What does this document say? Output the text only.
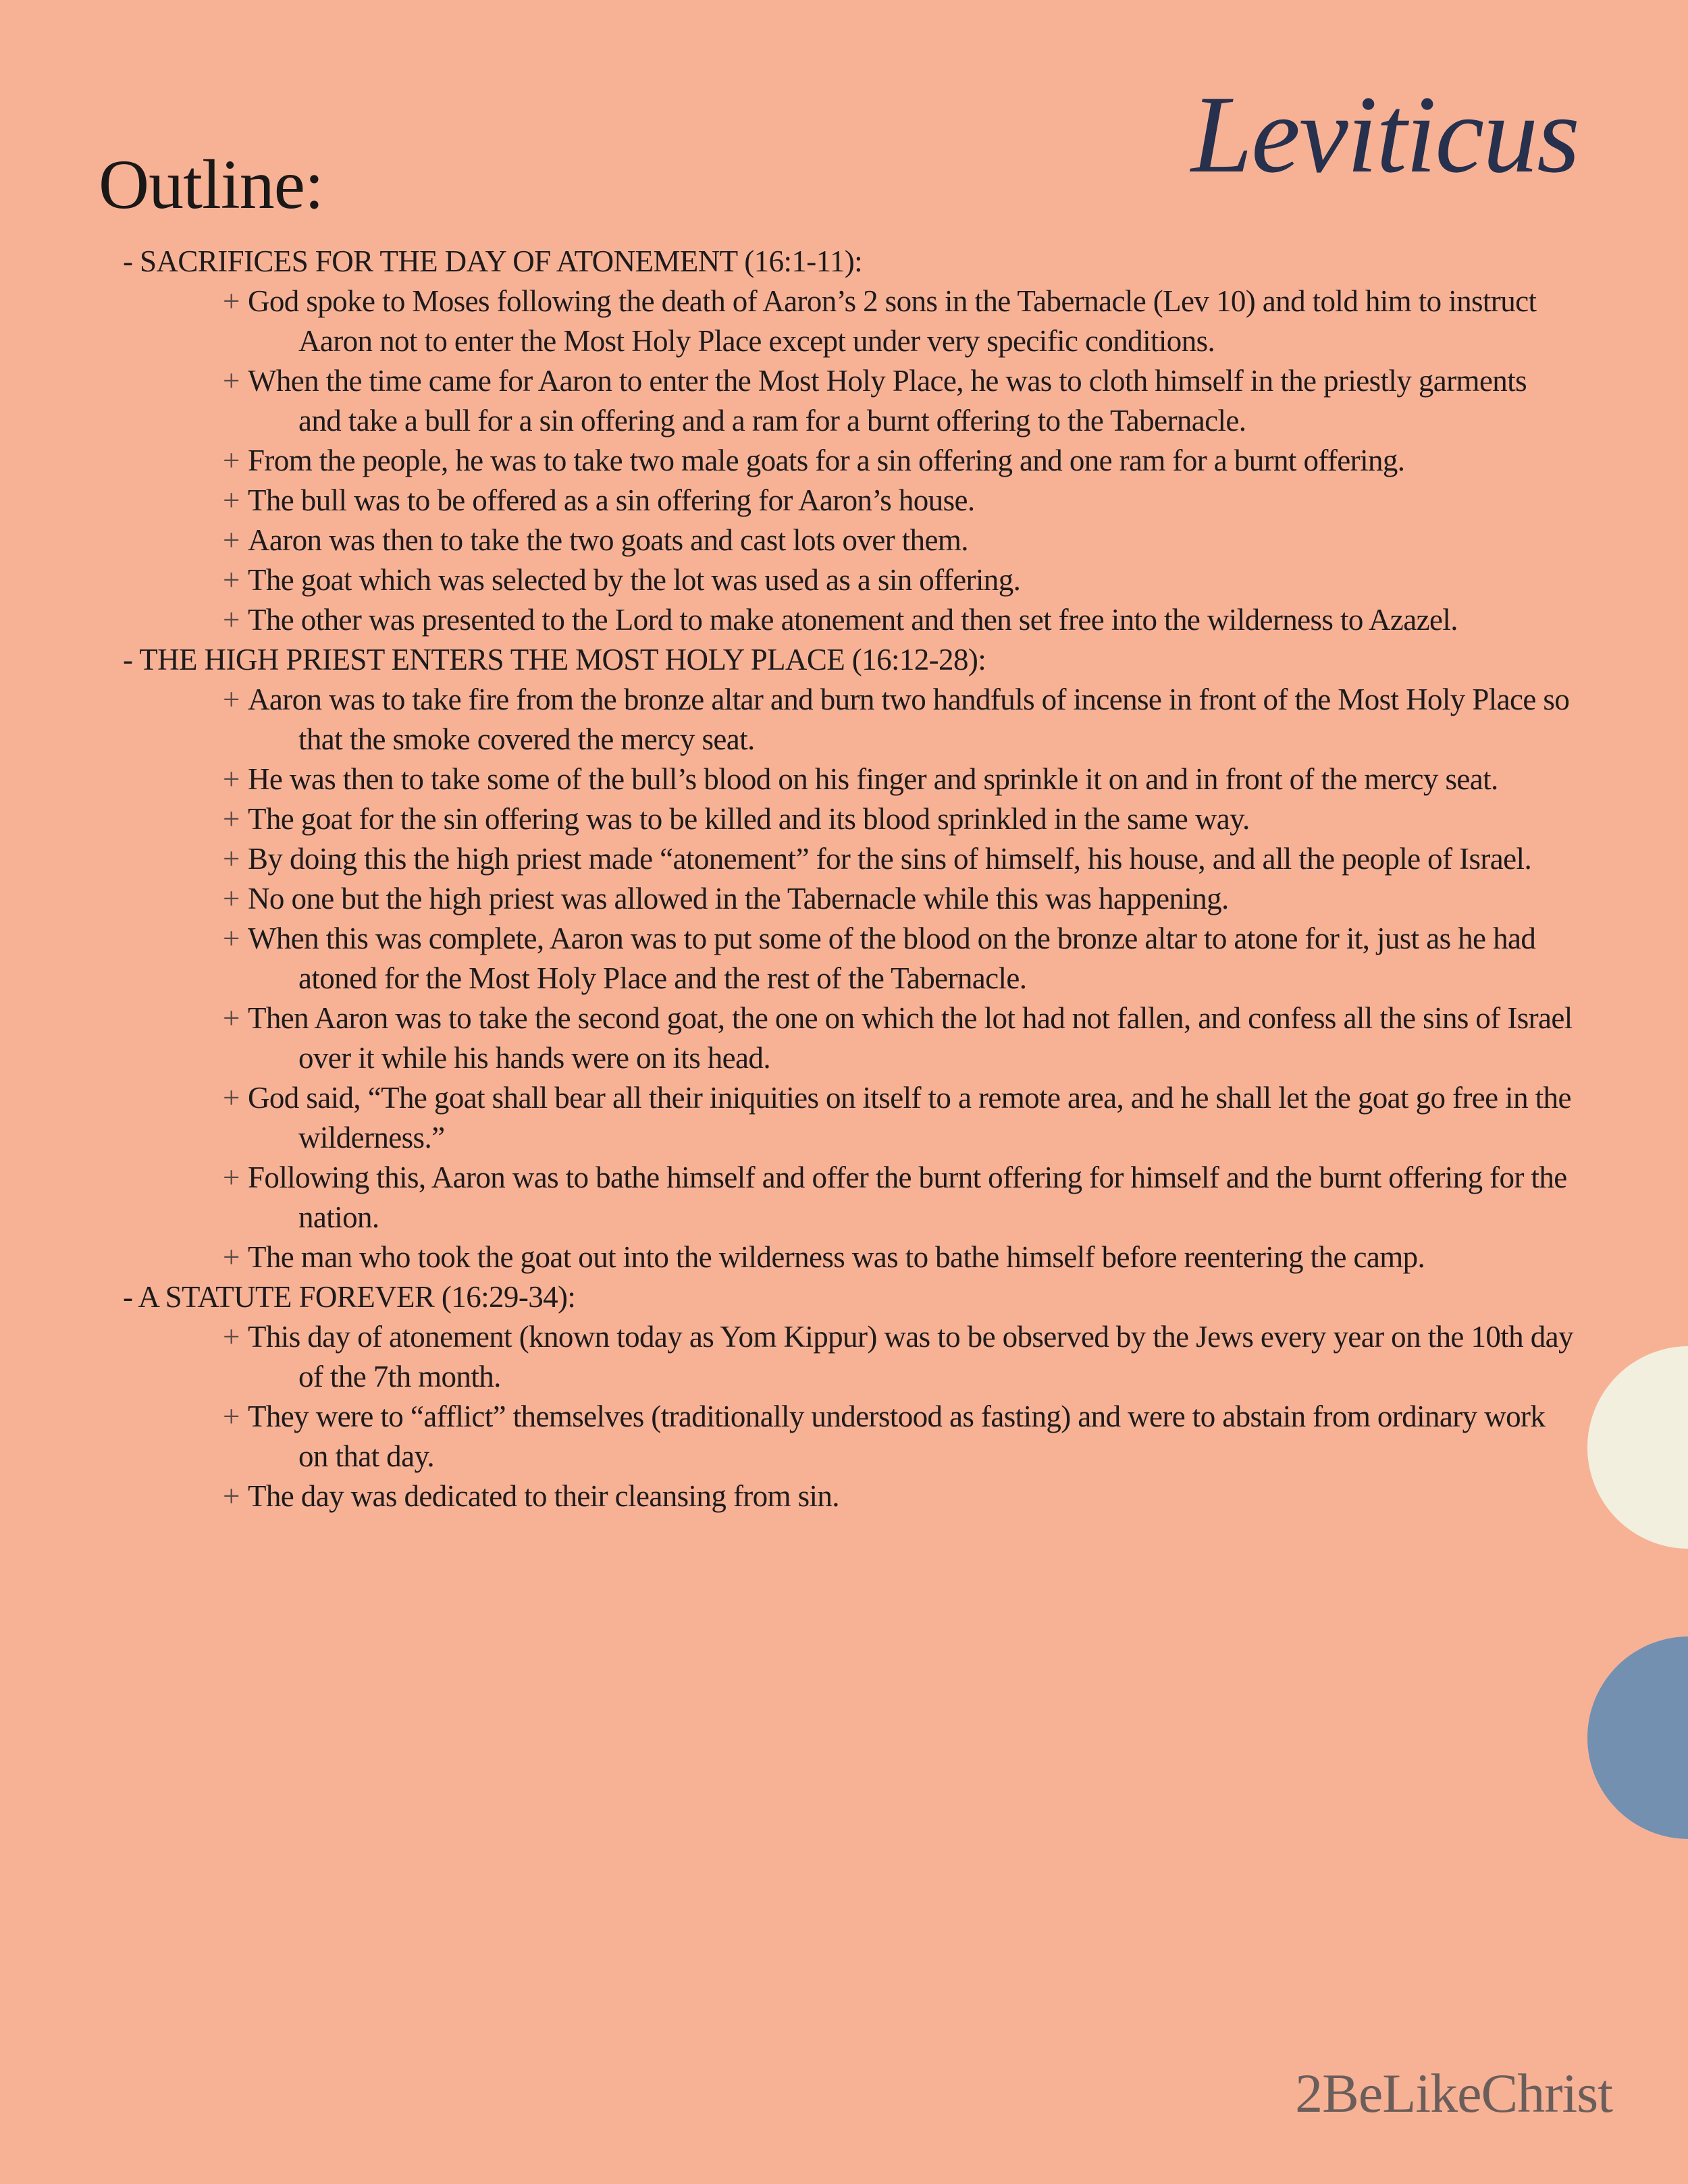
Leviticus
Outline:

- SACRIFICES FOR THE DAY OF ATONEMENT (16:1-11):

+ God spoke to Moses following the death of Aaron’s 2 sons in the Tabernacle (Lev 10) and told him to instruct Aaron not to enter the Most Holy Place except under very specific conditions.
+ When the time came for Aaron to enter the Most Holy Place, he was to cloth himself in the priestly garments and take a bull for a sin offering and a ram for a burnt offering to the Tabernacle.
+ From the people, he was to take two male goats for a sin offering and one ram for a burnt offering.
+ The bull was to be offered as a sin offering for Aaron’s house.
+ Aaron was then to take the two goats and cast lots over them.
+ The goat which was selected by the lot was used as a sin offering.
+ The other was presented to the Lord to make atonement and then set free into the wilderness to Azazel.

- THE HIGH PRIEST ENTERS THE MOST HOLY PLACE (16:12-28):

+ Aaron was to take fire from the bronze altar and burn two handfuls of incense in front of the Most Holy Place so that the smoke covered the mercy seat.
+ He was then to take some of the bull’s blood on his finger and sprinkle it on and in front of the mercy seat.
+ The goat for the sin offering was to be killed and its blood sprinkled in the same way.
+ By doing this the high priest made “atonement” for the sins of himself, his house, and all the people of Israel.
+ No one but the high priest was allowed in the Tabernacle while this was happening.
+ When this was complete, Aaron was to put some of the blood on the bronze altar to atone for it, just as he had atoned for the Most Holy Place and the rest of the Tabernacle.
+ Then Aaron was to take the second goat, the one on which the lot had not fallen, and confess all the sins of Israel over it while his hands were on its head.
+ God said, “The goat shall bear all their iniquities on itself to a remote area, and he shall let the goat go free in the wilderness.”
+ Following this, Aaron was to bathe himself and offer the burnt offering for himself and the burnt offering for the nation.
+ The man who took the goat out into the wilderness was to bathe himself before reentering the camp.

- A STATUTE FOREVER (16:29-34):

+ This day of atonement (known today as Yom Kippur) was to be observed by the Jews every year on the 10th day of the 7th month.
+ They were to “afflict” themselves (traditionally understood as fasting) and were to abstain from ordinary work on that day.
+ The day was dedicated to their cleansing from sin.
2BeLikeChrist
